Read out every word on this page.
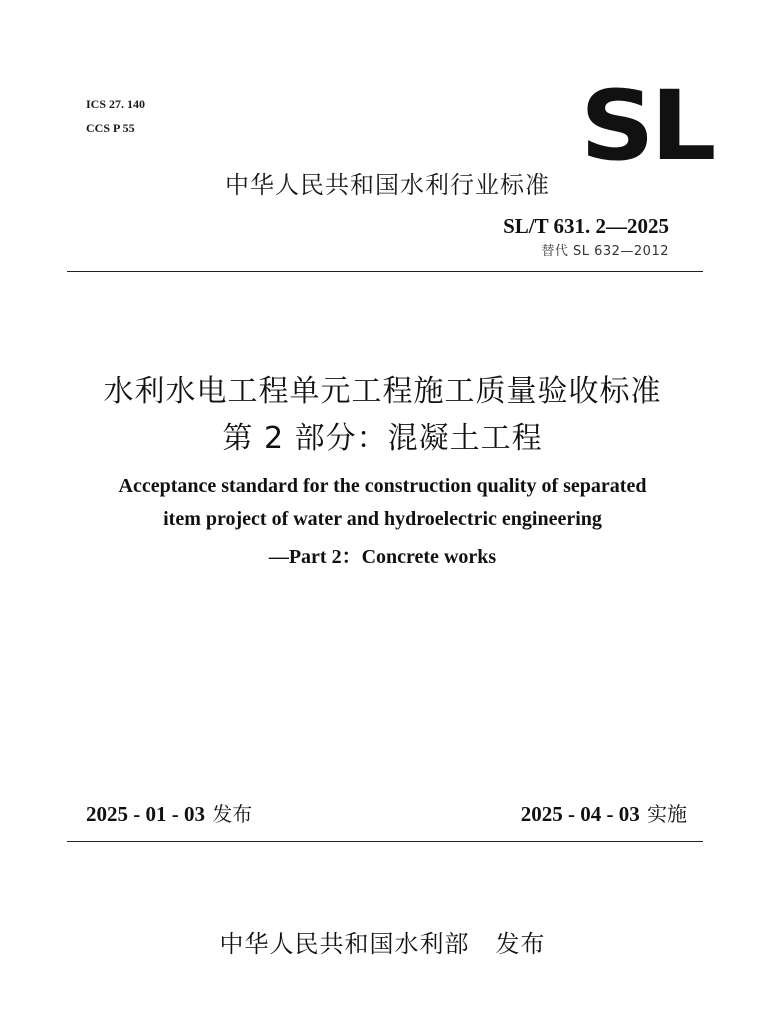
ICS 27. 140
CCS P 55	SL
中华人民共和国水利行业标准
SL/T 631. 2—2025
替代 SL 632—2012
水利水电工程单元工程施工质量验收标准
第 2 部分：混凝土工程
Acceptance standard for the construction quality of separated
item project of water and hydroelectric engineering
—Part 2：Concrete works
2025 - 01 - 03 发布	2025 - 04 - 03 实施
中华人民共和国水利部 发布
